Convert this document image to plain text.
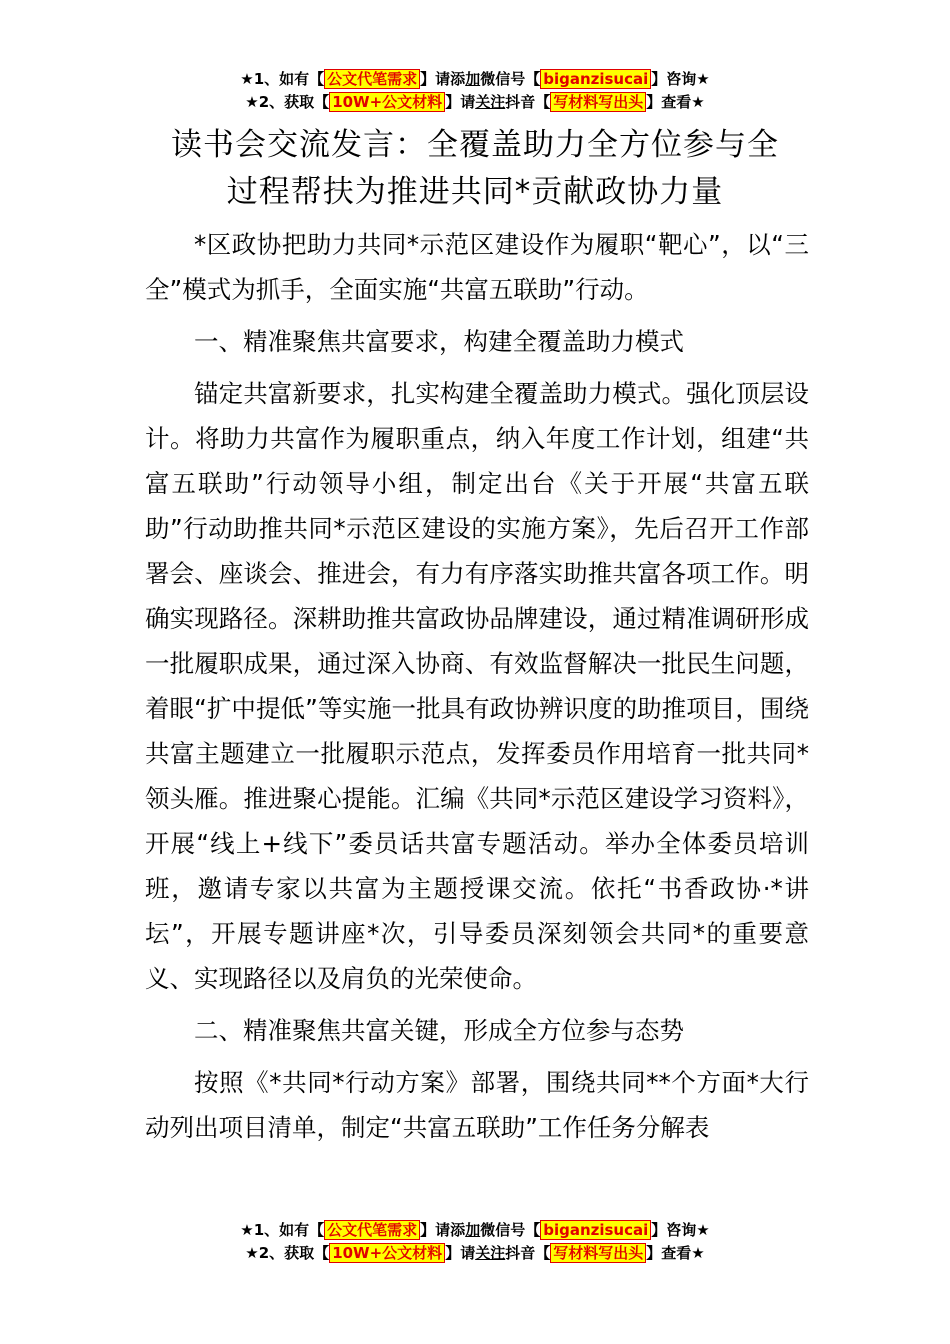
★1、如有【 公文代笔需求 】请添加微信号【 biganzisucai 】咨询★
★2、获取【 10W+公文材料 】请关注抖音【 写材料写出头 】查看★
读书会交流发言：全覆盖助力全方位参与全
过程帮扶为推进共同*贡献政协力量

*区政协把助力共同*示范区建设作为履职“靶心”，以“三全”模式为抓手，全面实施“共富五联助”行动。

一、精准聚焦共富要求，构建全覆盖助力模式

锚定共富新要求，扎实构建全覆盖助力模式。强化顶层设计。将助力共富作为履职重点，纳入年度工作计划，组建“共富五联助”行动领导小组，制定出台《关于开展“共富五联助”行动助推共同*示范区建设的实施方案》，先后召开工作部署会、座谈会、推进会，有力有序落实助推共富各项工作。明确实现路径。深耕助推共富政协品牌建设，通过精准调研形成一批履职成果，通过深入协商、有效监督解决一批民生问题，着眼“扩中提低”等实施一批具有政协辨识度的助推项目，围绕共富主题建立一批履职示范点，发挥委员作用培育一批共同*领头雁。推进聚心提能。汇编《共同*示范区建设学习资料》，开展“线上+线下”委员话共富专题活动。举办全体委员培训班，邀请专家以共富为主题授课交流。依托“书香政协·*讲坛”，开展专题讲座*次，引导委员深刻领会共同*的重要意义、实现路径以及肩负的光荣使命。

二、精准聚焦共富关键，形成全方位参与态势

按照《*共同*行动方案》部署，围绕共同**个方面*大行动列出项目清单，制定“共富五联助”工作任务分解表

★1、如有【 公文代笔需求 】请添加微信号【 biganzisucai 】咨询★
★2、获取【 10W+公文材料 】请关注抖音【 写材料写出头 】查看★
